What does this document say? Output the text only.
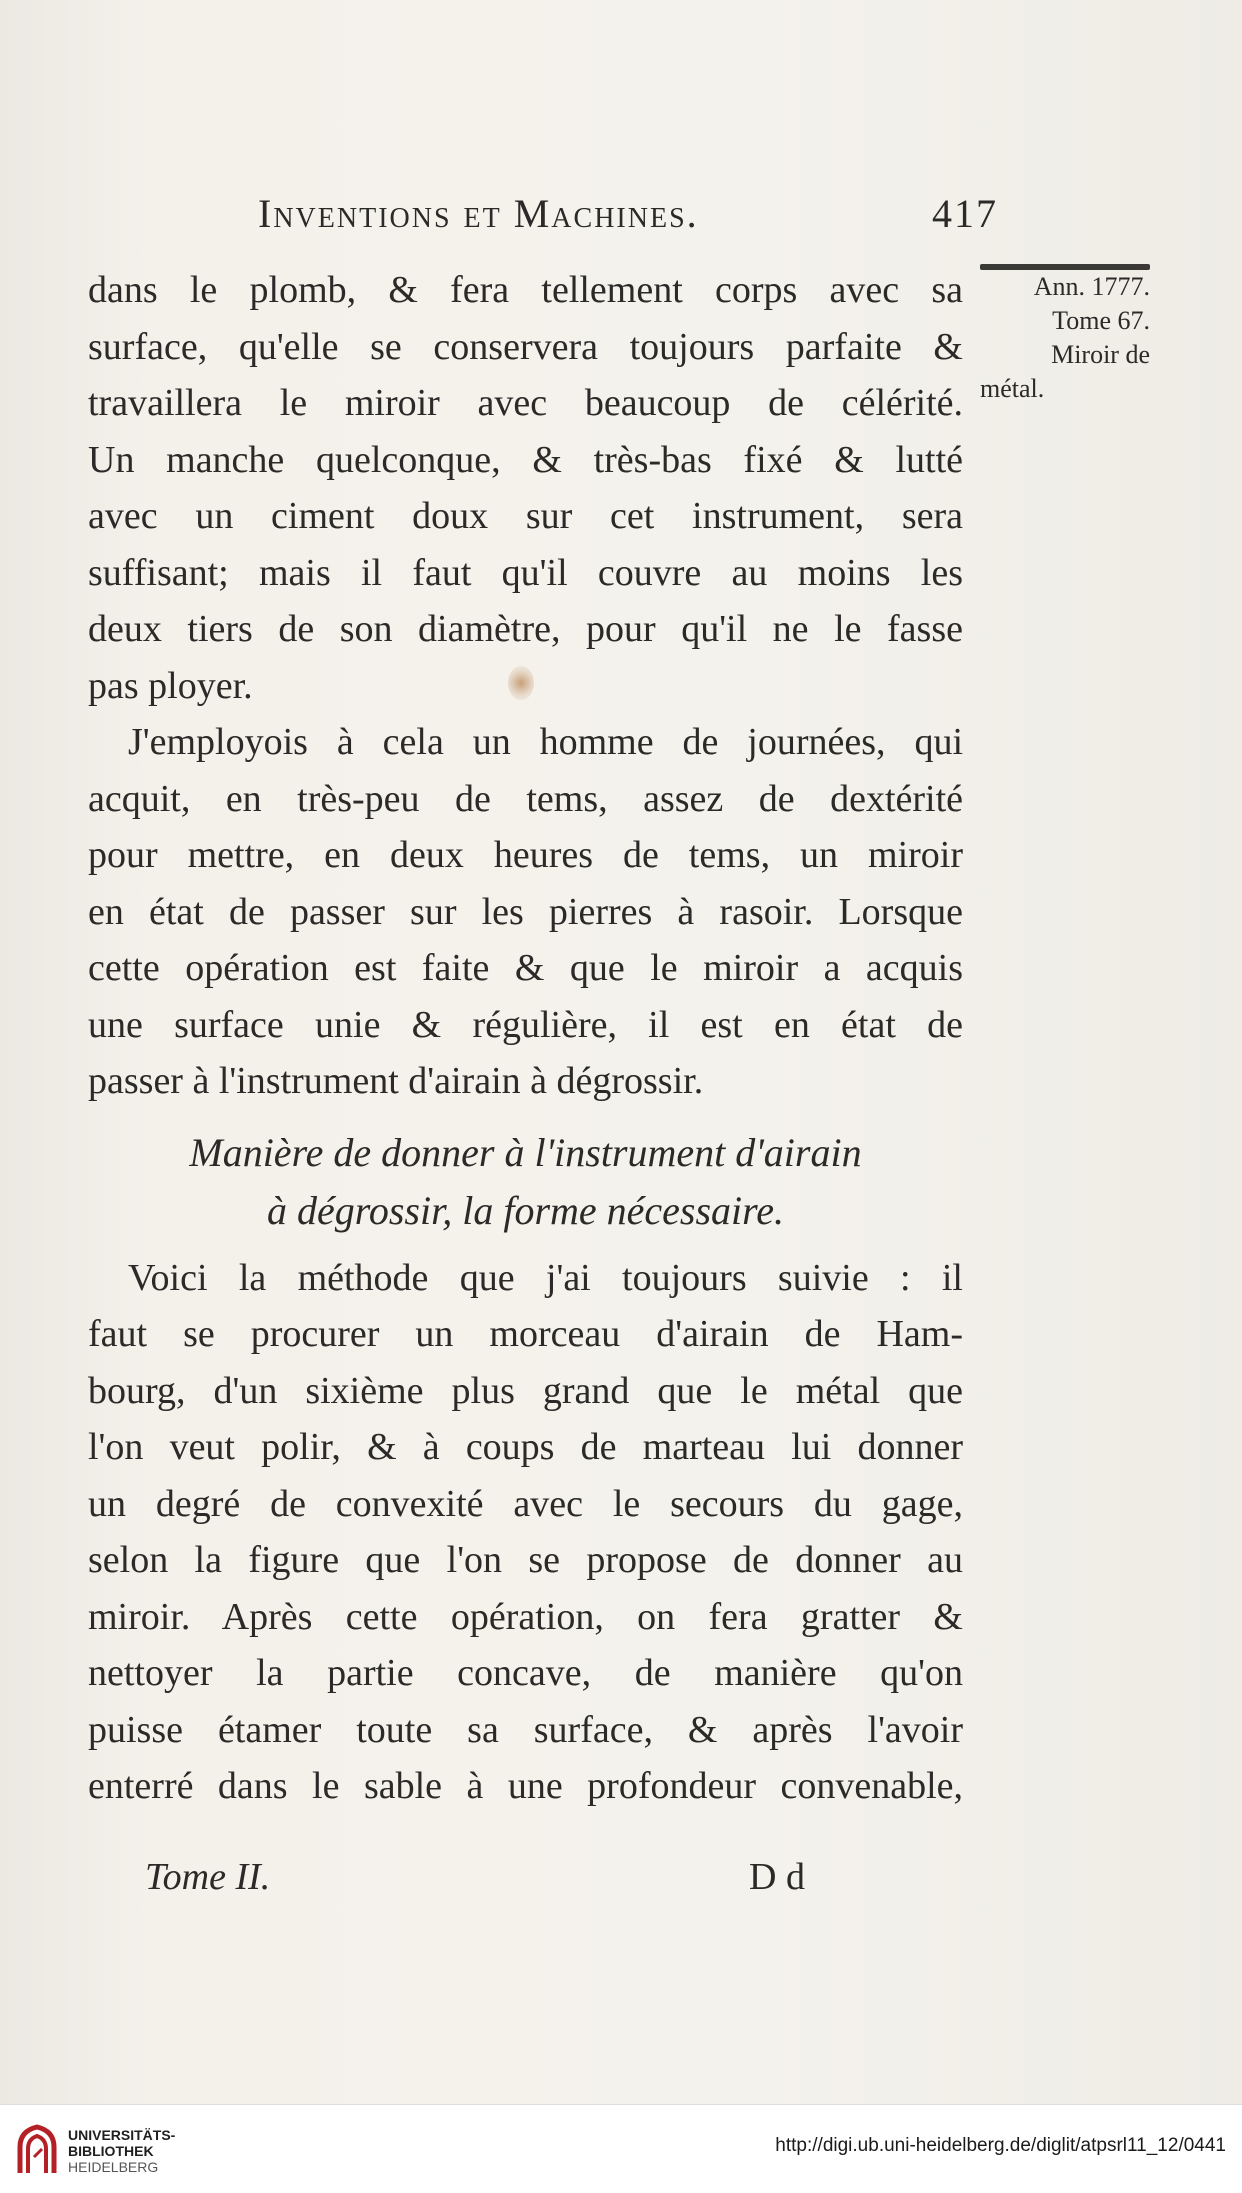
Inventions et Machines.	417
Ann. 1777.
Tome 67.
Miroir de
métal.
dans le plomb, & fera tellement corps avec sa
surface, qu'elle se conservera toujours parfaite &
travaillera le miroir avec beaucoup de célérité.
Un manche quelconque, & très-bas fixé & lutté
avec un ciment doux sur cet instrument, sera
suffisant; mais il faut qu'il couvre au moins les
deux tiers de son diamètre, pour qu'il ne le fasse
pas ployer.
J'employois à cela un homme de journées, qui
acquit, en très-peu de tems, assez de dextérité
pour mettre, en deux heures de tems, un miroir
en état de passer sur les pierres à rasoir. Lorsque
cette opération est faite & que le miroir a acquis
une surface unie & régulière, il est en état de
passer à l'instrument d'airain à dégrossir.
Manière de donner à l'instrument d'airain
à dégrossir, la forme nécessaire.
Voici la méthode que j'ai toujours suivie : il
faut se procurer un morceau d'airain de Ham-
bourg, d'un sixième plus grand que le métal que
l'on veut polir, & à coups de marteau lui donner
un degré de convexité avec le secours du gage,
selon la figure que l'on se propose de donner au
miroir. Après cette opération, on fera gratter &
nettoyer la partie concave, de manière qu'on
puisse étamer toute sa surface, & après l'avoir
enterré dans le sable à une profondeur convenable,
Tome II.	D d
UNIVERSITÄTS-
BIBLIOTHEK
HEIDELBERG
http://digi.ub.uni-heidelberg.de/diglit/atpsrl11_12/0441
